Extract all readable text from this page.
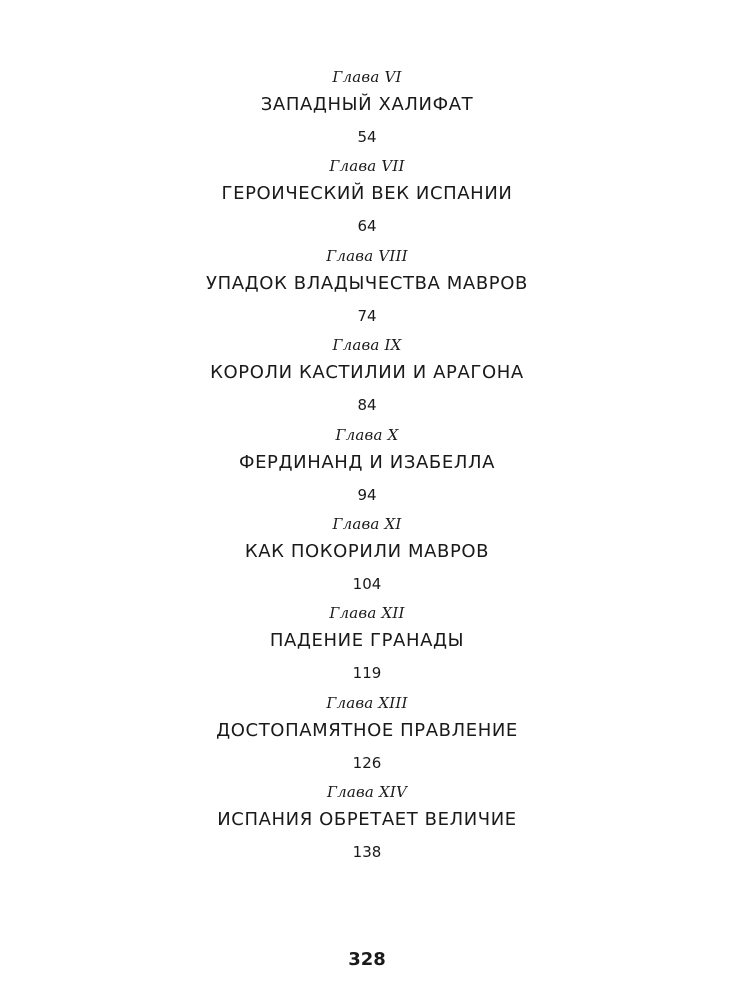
Глава VI
ЗАПАДНЫЙ ХАЛИФАТ
54
Глава VII
ГЕРОИЧЕСКИЙ ВЕК ИСПАНИИ
64
Глава VIII
УПАДОК ВЛАДЫЧЕСТВА МАВРОВ
74
Глава IX
КОРОЛИ КАСТИЛИИ И АРАГОНА
84
Глава X
ФЕРДИНАНД И ИЗАБЕЛЛА
94
Глава XI
КАК ПОКОРИЛИ МАВРОВ
104
Глава XII
ПАДЕНИЕ ГРАНАДЫ
119
Глава XIII
ДОСТОПАМЯТНОЕ ПРАВЛЕНИЕ
126
Глава XIV
ИСПАНИЯ ОБРЕТАЕТ ВЕЛИЧИЕ
138
328
